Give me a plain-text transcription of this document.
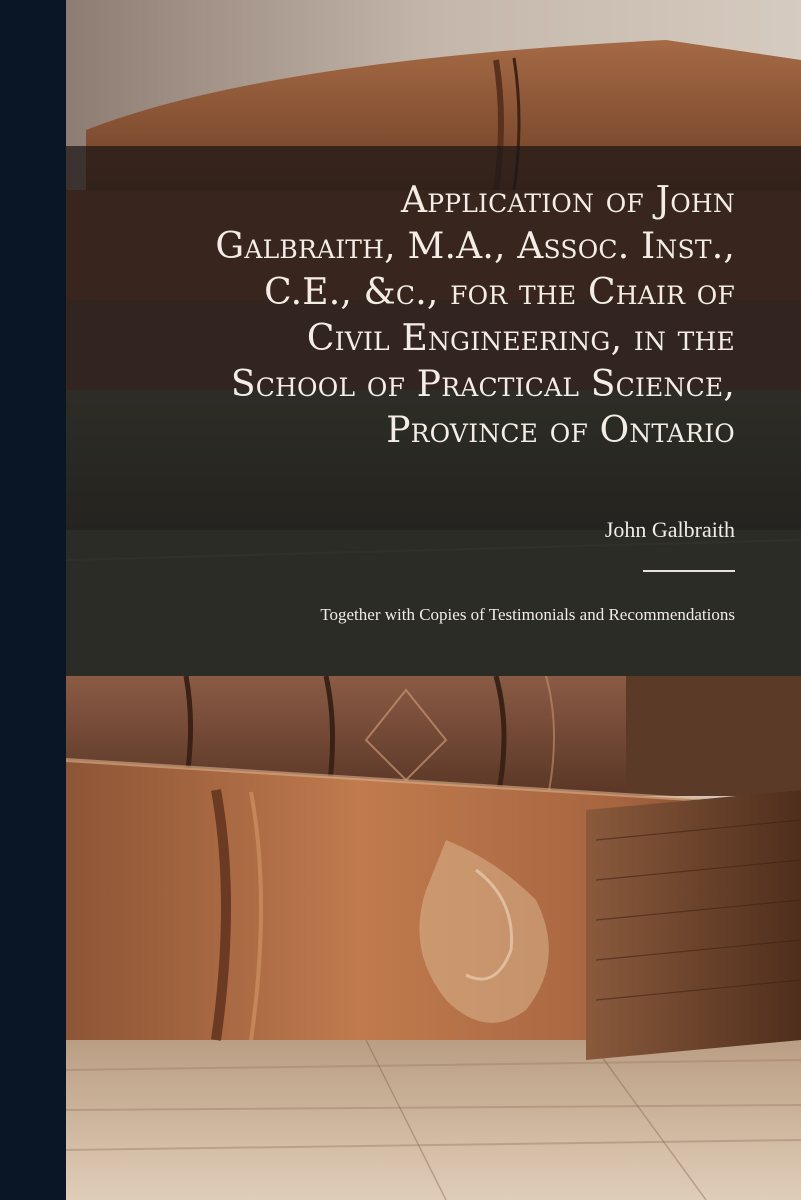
Application of John
Galbraith, M.A., Assoc. Inst.,
C.E., &c., for the Chair of
Civil Engineering, in the
School of Practical Science,
Province of Ontario

John Galbraith

Together with Copies of Testimonials and Recommendations
